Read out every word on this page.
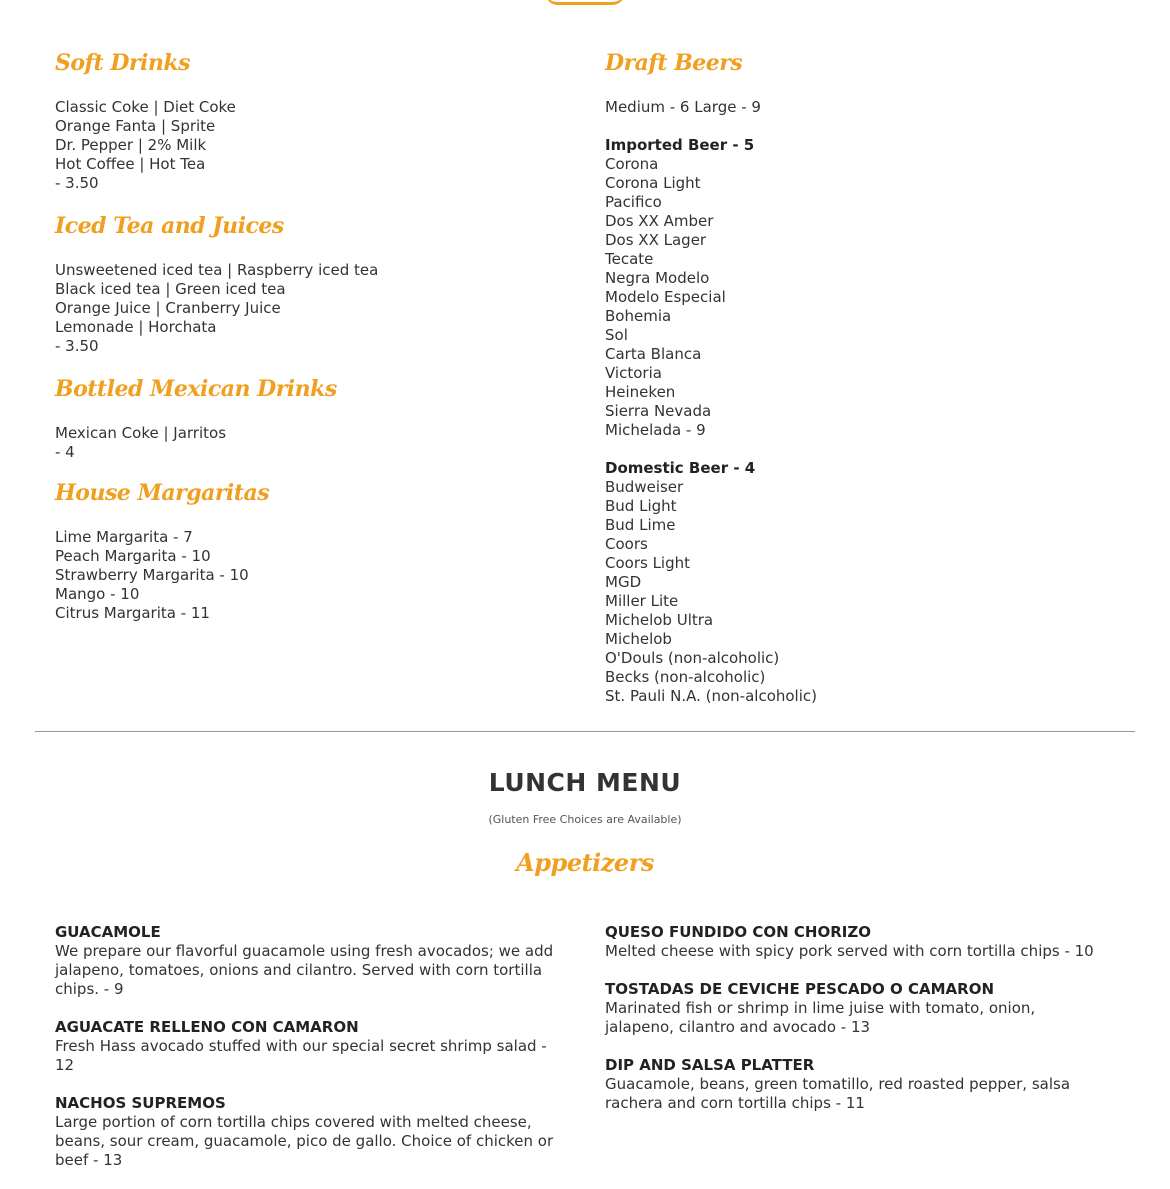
Soft Drinks
Classic Coke | Diet Coke
Orange Fanta | Sprite
Dr. Pepper | 2% Milk
Hot Coffee | Hot Tea
- 3.50
Iced Tea and Juices
Unsweetened iced tea | Raspberry iced tea
Black iced tea | Green iced tea
Orange Juice | Cranberry Juice
Lemonade | Horchata
- 3.50
Bottled Mexican Drinks
Mexican Coke | Jarritos
- 4
House Margaritas
Lime Margarita - 7
Peach Margarita - 10
Strawberry Margarita - 10
Mango - 10
Citrus Margarita - 11
Draft Beers
Medium - 6 Large - 9
Imported Beer - 5
Corona
Corona Light
Pacifico
Dos XX Amber
Dos XX Lager
Tecate
Negra Modelo
Modelo Especial
Bohemia
Sol
Carta Blanca
Victoria
Heineken
Sierra Nevada
Michelada - 9
Domestic Beer - 4
Budweiser
Bud Light
Bud Lime
Coors
Coors Light
MGD
Miller Lite
Michelob Ultra
Michelob
O'Douls (non-alcoholic)
Becks (non-alcoholic)
St. Pauli N.A. (non-alcoholic)
LUNCH MENU
(Gluten Free Choices are Available)
Appetizers
GUACAMOLE
We prepare our flavorful guacamole using fresh avocados; we add jalapeno, tomatoes, onions and cilantro. Served with corn tortilla chips. - 9
AGUACATE RELLENO CON CAMARON
Fresh Hass avocado stuffed with our special secret shrimp salad - 12
NACHOS SUPREMOS
Large portion of corn tortilla chips covered with melted cheese, beans, sour cream, guacamole, pico de gallo. Choice of chicken or beef - 13
QUESO FUNDIDO CON CHORIZO
Melted cheese with spicy pork served with corn tortilla chips - 10
TOSTADAS DE CEVICHE PESCADO O CAMARON
Marinated fish or shrimp in lime juise with tomato, onion, jalapeno, cilantro and avocado - 13
DIP AND SALSA PLATTER
Guacamole, beans, green tomatillo, red roasted pepper, salsa rachera and corn tortilla chips - 11
